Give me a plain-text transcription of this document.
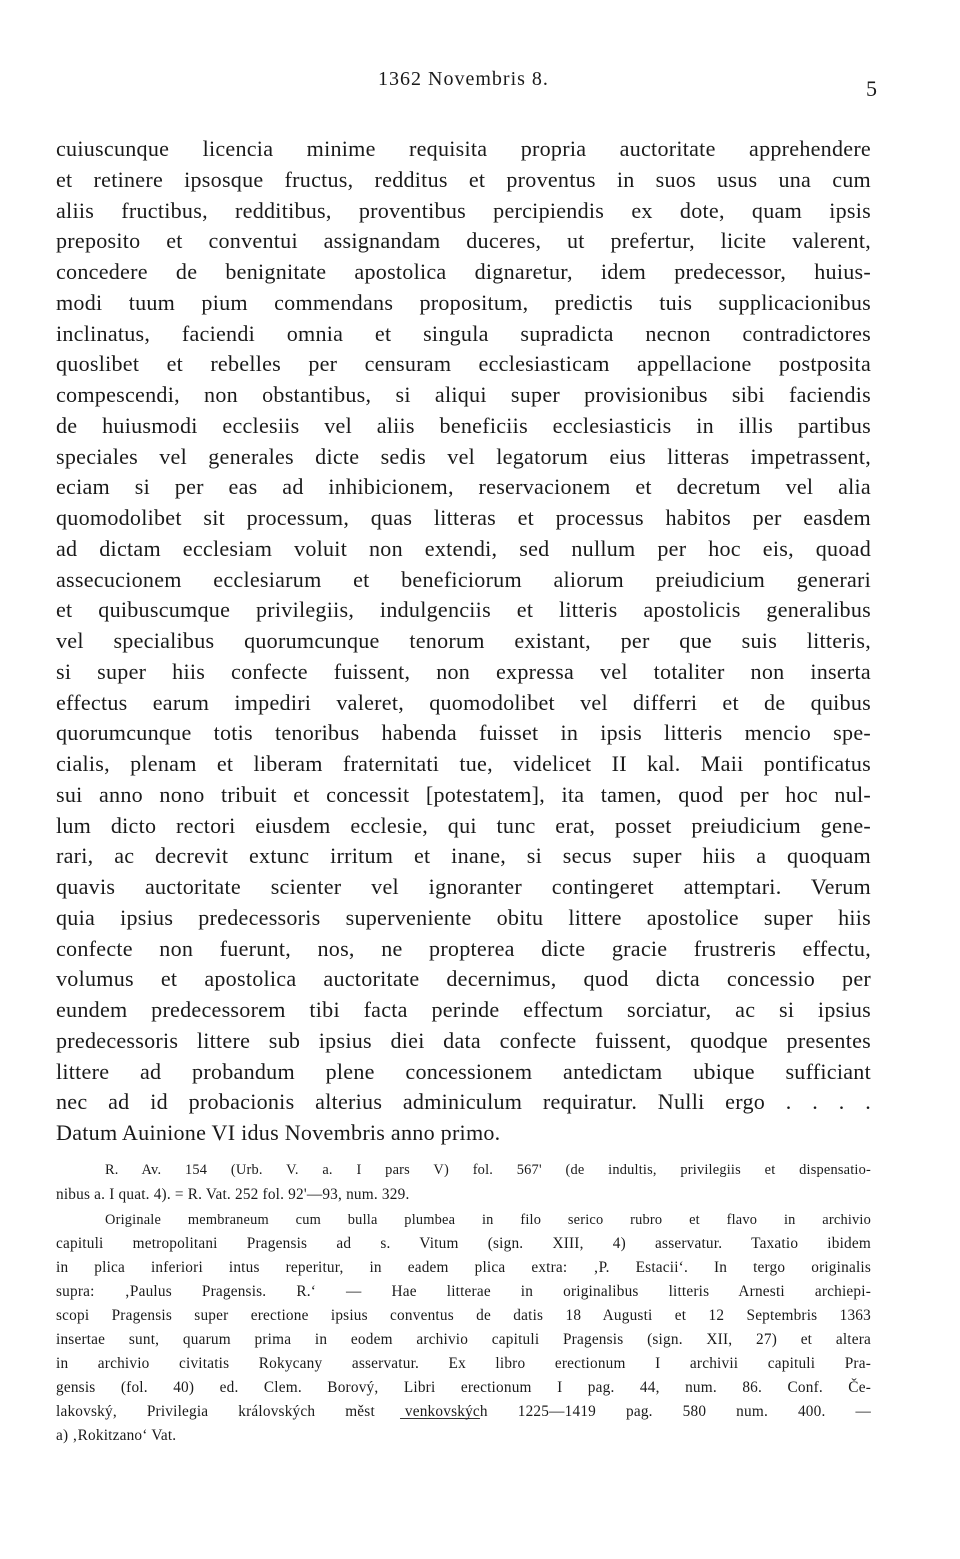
1362 Novembris 8.	5
cuiuscunque licencia minime requisita propria auctoritate apprehendere
et retinere ipsosque fructus, redditus et proventus in suos usus una cum
aliis fructibus, redditibus, proventibus percipiendis ex dote, quam ipsis
preposito et conventui assignandam duceres, ut prefertur, licite valerent,
concedere de benignitate apostolica dignaretur, idem predecessor, huius-
modi tuum pium commendans propositum, predictis tuis supplicacionibus
inclinatus, faciendi omnia et singula supradicta necnon contradictores
quoslibet et rebelles per censuram ecclesiasticam appellacione postposita
compescendi, non obstantibus, si aliqui super provisionibus sibi faciendis
de huiusmodi ecclesiis vel aliis beneficiis ecclesiasticis in illis partibus
speciales vel generales dicte sedis vel legatorum eius litteras impetrassent,
eciam si per eas ad inhibicionem, reservacionem et decretum vel alia
quomodolibet sit processum, quas litteras et processus habitos per easdem
ad dictam ecclesiam voluit non extendi, sed nullum per hoc eis, quoad
assecucionem ecclesiarum et beneficiorum aliorum preiudicium generari
et quibuscumque privilegiis, indulgenciis et litteris apostolicis generalibus
vel specialibus quorumcunque tenorum existant, per que suis litteris,
si super hiis confecte fuissent, non expressa vel totaliter non inserta
effectus earum impediri valeret, quomodolibet vel differri et de quibus
quorumcunque totis tenoribus habenda fuisset in ipsis litteris mencio spe-
cialis, plenam et liberam fraternitati tue, videlicet II kal. Maii pontificatus
sui anno nono tribuit et concessit [potestatem], ita tamen, quod per hoc nul-
lum dicto rectori eiusdem ecclesie, qui tunc erat, posset preiudicium gene-
rari, ac decrevit extunc irritum et inane, si secus super hiis a quoquam
quavis auctoritate scienter vel ignoranter contingeret attemptari. Verum
quia ipsius predecessoris superveniente obitu littere apostolice super hiis
confecte non fuerunt, nos, ne propterea dicte gracie frustreris effectu,
volumus et apostolica auctoritate decernimus, quod dicta concessio per
eundem predecessorem tibi facta perinde effectum sorciatur, ac si ipsius
predecessoris littere sub ipsius diei data confecte fuissent, quodque presentes
littere ad probandum plene concessionem antedictam ubique sufficiant
nec ad id probacionis alterius adminiculum requiratur. Nulli ergo . . . .
Datum Auinione VI idus Novembris anno primo.
R. Av. 154 (Urb. V. a. I pars V) fol. 567' (de indultis, privilegiis et dispensatio-
nibus a. I quat. 4). = R. Vat. 252 fol. 92'—93, num. 329.
Originale membraneum cum bulla plumbea in filo serico rubro et flavo in archivio
capituli metropolitani Pragensis ad s. Vitum (sign. XIII, 4) asservatur. Taxatio ibidem
in plica inferiori intus reperitur, in eadem plica extra: ‚P. Estacii‘. In tergo originalis
supra: ‚Paulus Pragensis. R.‘ — Hae litterae in originalibus litteris Arnesti archiepi-
scopi Pragensis super erectione ipsius conventus de datis 18 Augusti et 12 Septembris 1363
insertae sunt, quarum prima in eodem archivio capituli Pragensis (sign. XII, 27) et altera
in archivio civitatis Rokycany asservatur. Ex libro erectionum I archivii capituli Pra-
gensis (fol. 40) ed. Clem. Borový, Libri erectionum I pag. 44, num. 86. Conf. Če-
lakovský, Privilegia královských měst venkovských 1225—1419 pag. 580 num. 400. —
a) ‚Rokitzano‘ Vat.
